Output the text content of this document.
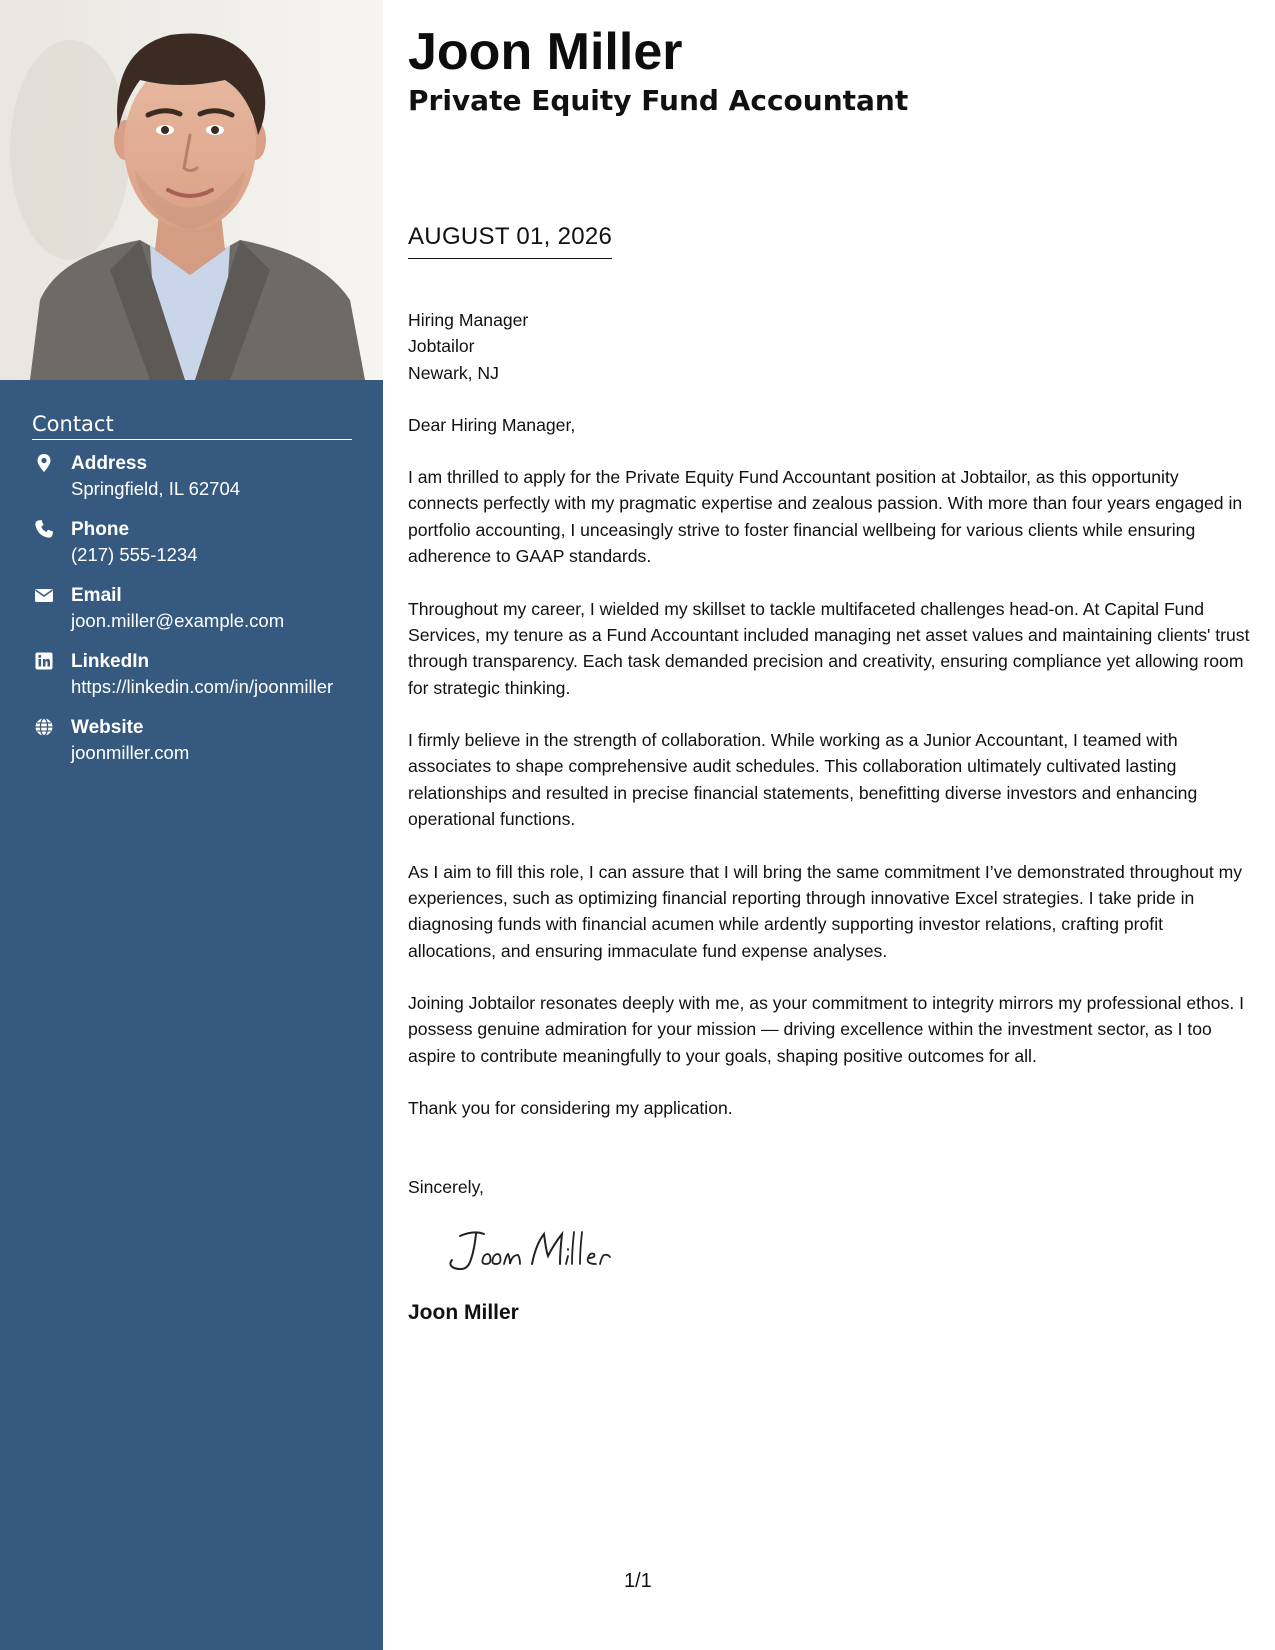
Contact
Address
Springfield, IL 62704
Phone
(217) 555-1234
Email
joon.miller@example.com
LinkedIn
https://linkedin.com/in/joonmiller
Website
joonmiller.com
Joon Miller
Private Equity Fund Accountant
AUGUST 01, 2026

Hiring Manager
Jobtailor
Newark, NJ

Dear Hiring Manager,

I am thrilled to apply for the Private Equity Fund Accountant position at Jobtailor, as this opportunity connects perfectly with my pragmatic expertise and zealous passion. With more than four years engaged in portfolio accounting, I unceasingly strive to foster financial wellbeing for various clients while ensuring adherence to GAAP standards.

Throughout my career, I wielded my skillset to tackle multifaceted challenges head-on. At Capital Fund Services, my tenure as a Fund Accountant included managing net asset values and maintaining clients' trust through transparency. Each task demanded precision and creativity, ensuring compliance yet allowing room for strategic thinking.

I firmly believe in the strength of collaboration. While working as a Junior Accountant, I teamed with associates to shape comprehensive audit schedules. This collaboration ultimately cultivated lasting relationships and resulted in precise financial statements, benefitting diverse investors and enhancing operational functions.

As I aim to fill this role, I can assure that I will bring the same commitment I’ve demonstrated throughout my experiences, such as optimizing financial reporting through innovative Excel strategies. I take pride in diagnosing funds with financial acumen while ardently supporting investor relations, crafting profit allocations, and ensuring immaculate fund expense analyses.

Joining Jobtailor resonates deeply with me, as your commitment to integrity mirrors my professional ethos. I possess genuine admiration for your mission — driving excellence within the investment sector, as I too aspire to contribute meaningfully to your goals, shaping positive outcomes for all.

Thank you for considering my application.

Sincerely,

Joon Miller
1/1
